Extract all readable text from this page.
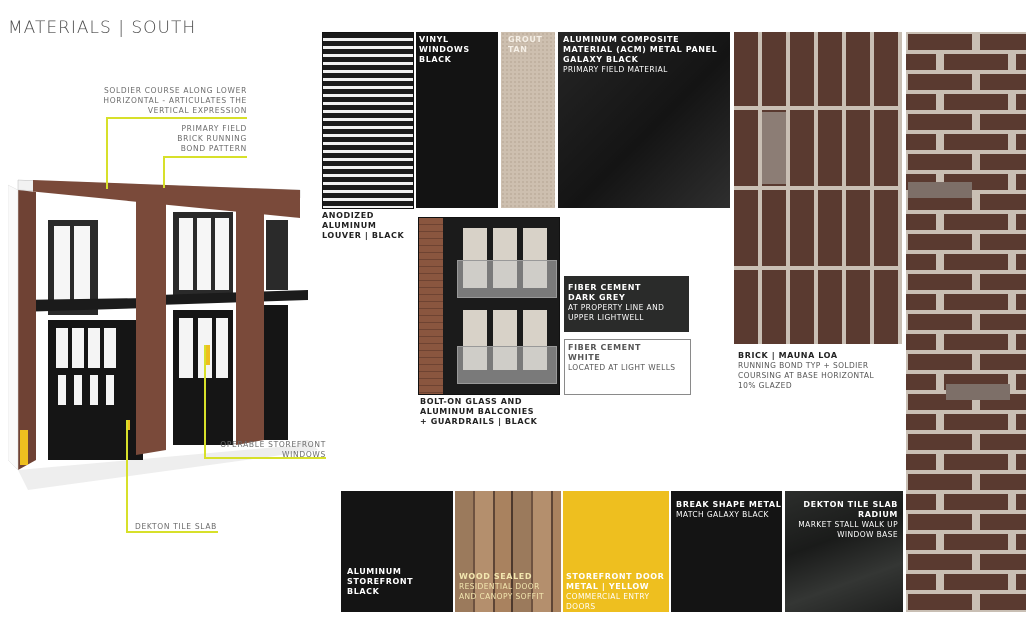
MATERIALS | SOUTH
SOLDIER COURSE ALONG LOWER
HORIZONTAL - ARTICULATES THE
VERTICAL EXPRESSION
PRIMARY FIELD
BRICK RUNNING
BOND PATTERN
OPERABLE STOREFRONT
WINDOWS
DEKTON TILE SLAB
ANODIZED
ALUMINUM
LOUVER | BLACK
VINYL
WINDOWS
BLACK
GROUT
TAN
ALUMINUM COMPOSITE
MATERIAL (ACM) METAL PANEL
GALAXY BLACK
PRIMARY FIELD MATERIAL
BOLT-ON GLASS AND
ALUMINUM BALCONIES
+ GUARDRAILS | BLACK
FIBER CEMENT
DARK GREY
AT PROPERTY LINE AND
UPPER LIGHTWELL
FIBER CEMENT
WHITE
LOCATED AT LIGHT WELLS
BRICK | MAUNA LOA
RUNNING BOND TYP + SOLDIER
COURSING AT BASE HORIZONTAL
10% GLAZED
ALUMINUM
STOREFRONT
BLACK
WOOD SEALED
RESIDENTIAL DOOR
AND CANOPY SOFFIT
STOREFRONT DOOR
METAL | YELLOW
COMMERCIAL ENTRY
DOORS
BREAK SHAPE METAL
MATCH GALAXY BLACK
DEKTON TILE SLAB
RADIUM
MARKET STALL WALK UP
WINDOW BASE
